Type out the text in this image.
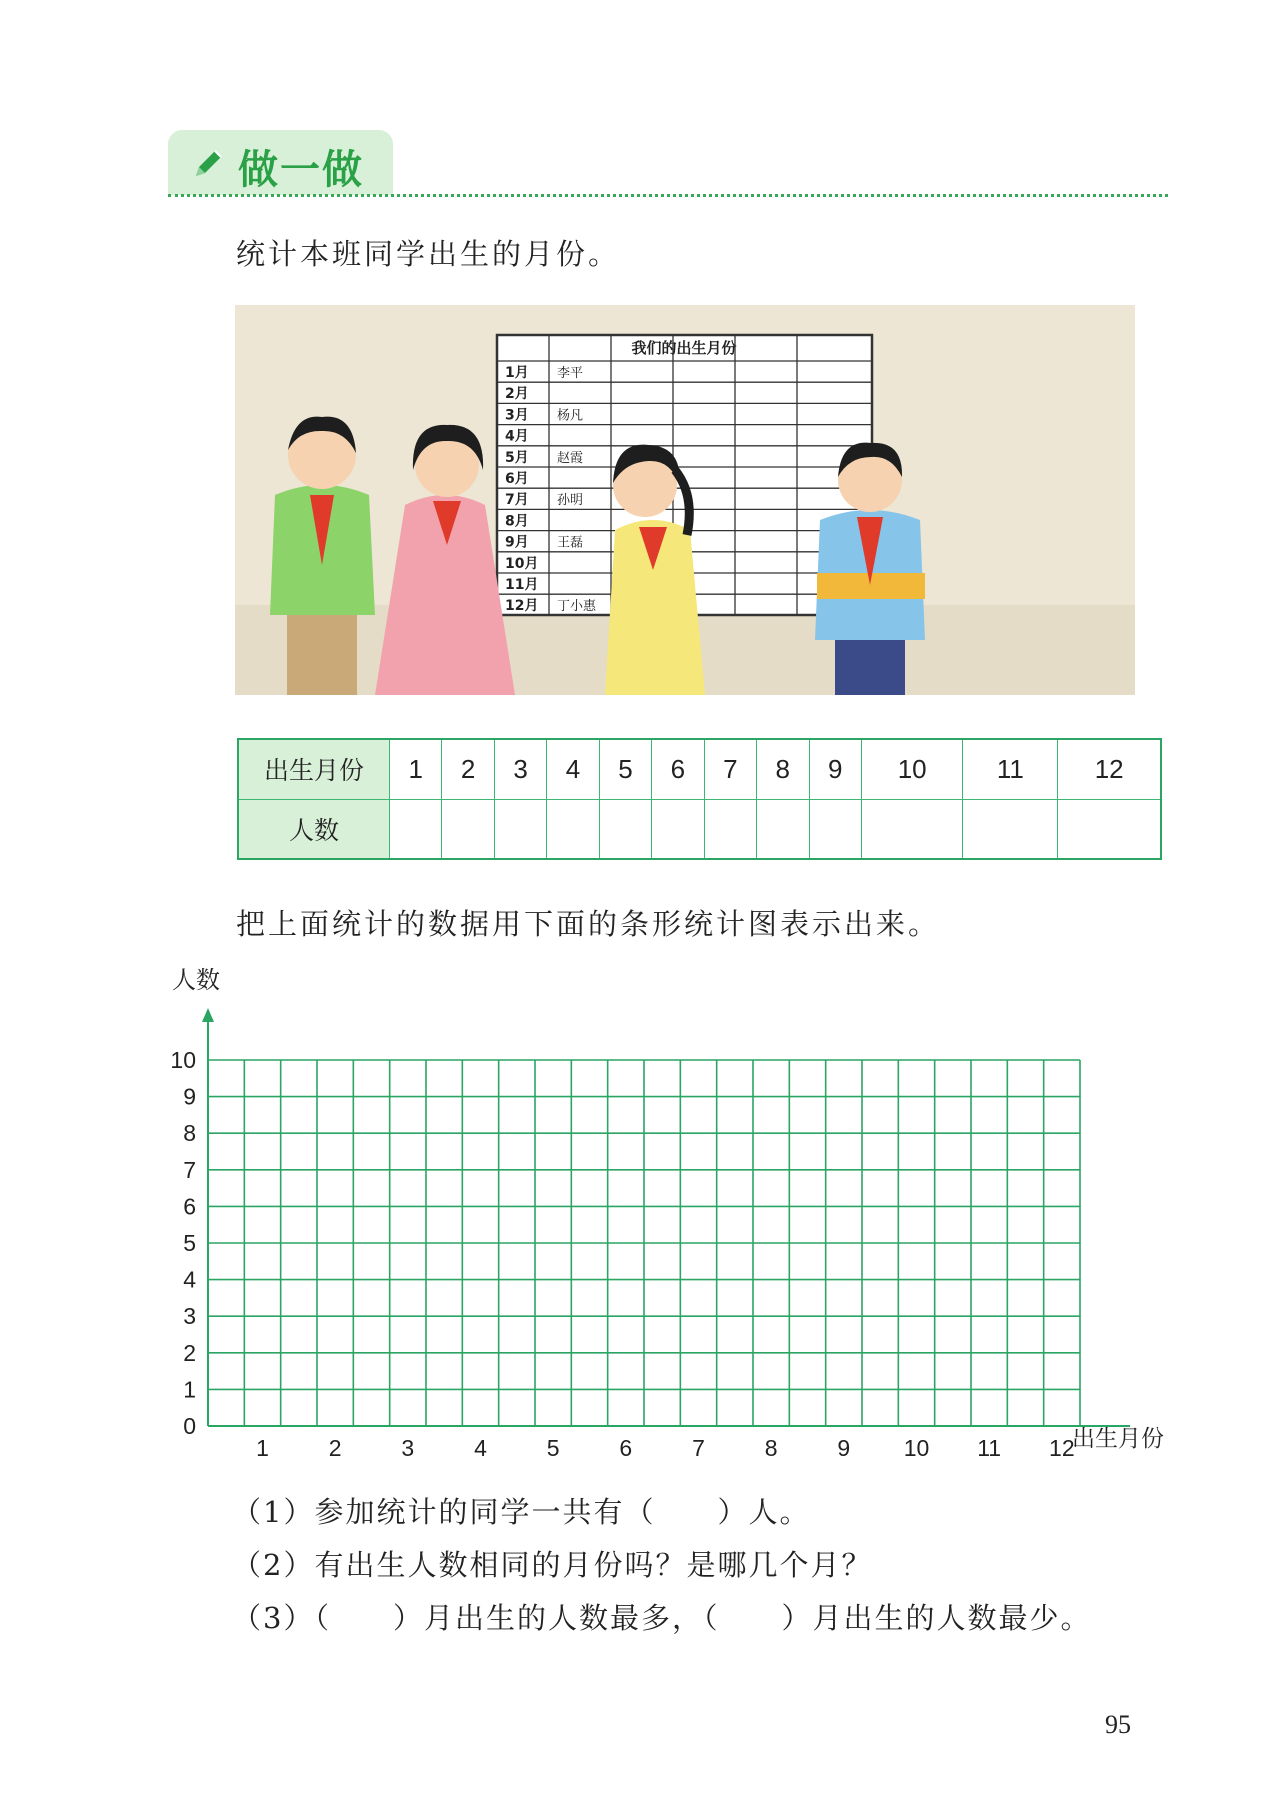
做一做
统计本班同学出生的月份。
我们的出生月份
1月 李平
2月
3月 杨凡
4月
5月 赵霞
6月
7月 孙明
8月
9月 王磊
10月
11月
12月 丁小惠
出生月份	1	2	3	4	5	6	7	8	9	10	11	12
人数												
把上面统计的数据用下面的条形统计图表示出来。
0
1
2
3
4
5
6
7
8
9
10
1	2	3	4	5	6	7	8	9 10 11 12
人数
出生月份
（1）参加统计的同学一共有（　　）人。
（2）有出生人数相同的月份吗？是哪几个月？
（3）（　　）月出生的人数最多，（　　）月出生的人数最少。
95
